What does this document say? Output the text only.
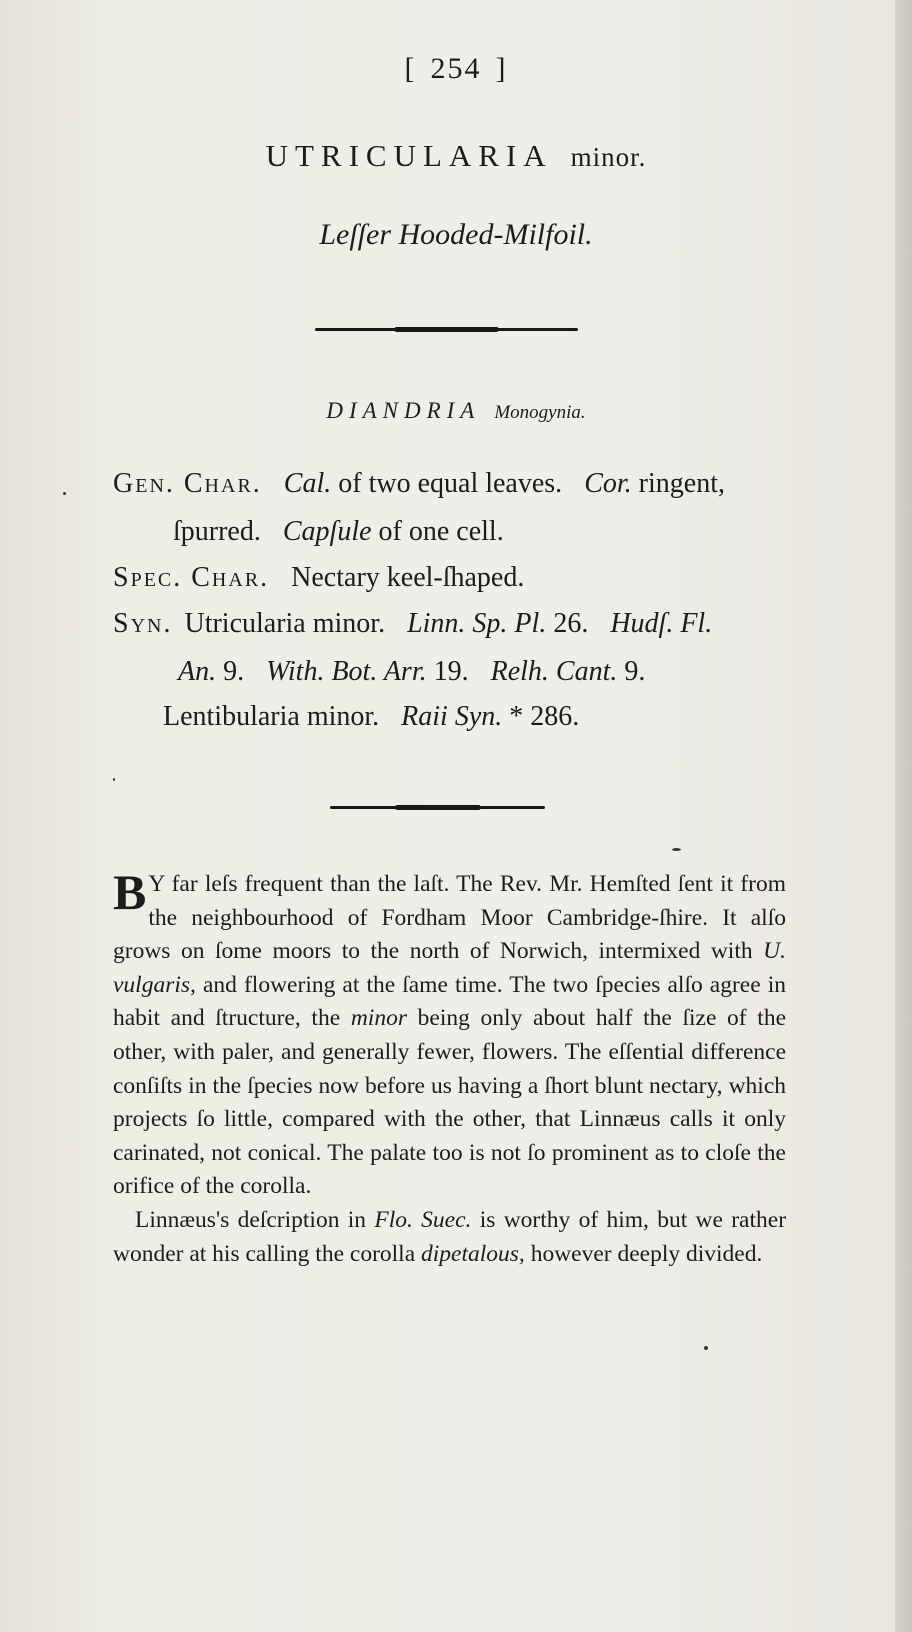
[ 254 ]
UTRICULARIA minor.
Leſſer Hooded-Milfoil.
DIANDRIA Monogynia.
Gen. Char. Cal. of two equal leaves. Cor. ringent,
ſpurred. Capſule of one cell.
Spec. Char. Nectary keel-ſhaped.
Syn. Utricularia minor. Linn. Sp. Pl. 26. Hudſ. Fl.
An. 9. With. Bot. Arr. 19. Relh. Cant. 9.
Lentibularia minor. Raii Syn. * 286.

B Y far leſs frequent than the laſt. The Rev. Mr. Hemſted ſent it from the neighbourhood of Fordham Moor Cambridge-ſhire. It alſo grows on ſome moors to the north of Norwich, intermixed with U. vulgaris, and flowering at the ſame time. The two ſpecies alſo agree in habit and ſtructure, the minor being only about half the ſize of the other, with paler, and generally fewer, flowers. The eſſential difference conſiſts in the ſpecies now before us having a ſhort blunt nectary, which projects ſo little, compared with the other, that Linnæus calls it only carinated, not conical. The palate too is not ſo prominent as to cloſe the orifice of the corolla.

Linnæus's deſcription in Flo. Suec. is worthy of him, but we rather wonder at his calling the corolla dipetalous, however deeply divided.
